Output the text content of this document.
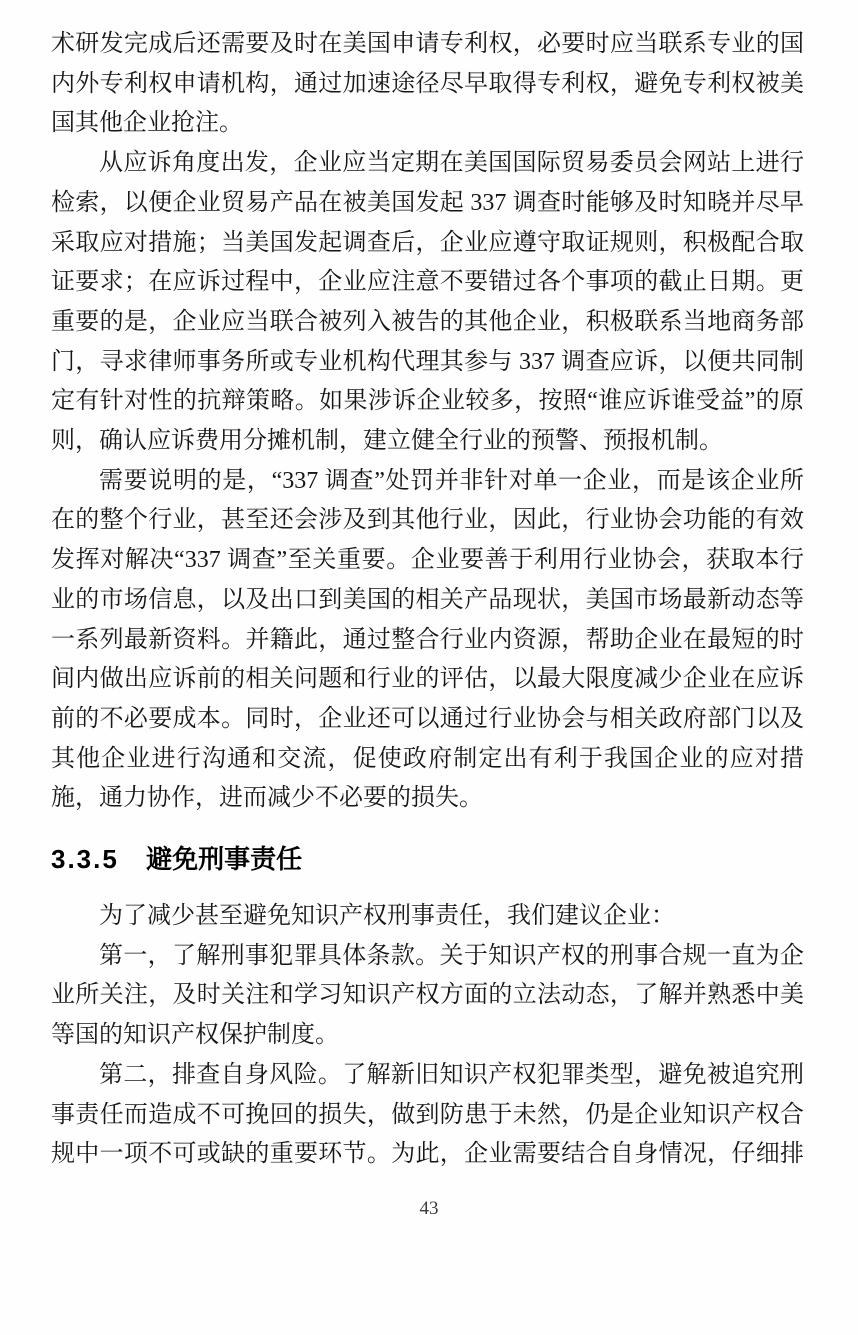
术研发完成后还需要及时在美国申请专利权，必要时应当联系专业的国内外专利权申请机构，通过加速途径尽早取得专利权，避免专利权被美国其他企业抢注。

从应诉角度出发，企业应当定期在美国国际贸易委员会网站上进行检索，以便企业贸易产品在被美国发起 337 调查时能够及时知晓并尽早采取应对措施；当美国发起调查后，企业应遵守取证规则，积极配合取证要求；在应诉过程中，企业应注意不要错过各个事项的截止日期。更重要的是，企业应当联合被列入被告的其他企业，积极联系当地商务部门，寻求律师事务所或专业机构代理其参与 337 调查应诉，以便共同制定有针对性的抗辩策略。如果涉诉企业较多，按照“谁应诉谁受益”的原则，确认应诉费用分摊机制，建立健全行业的预警、预报机制。

需要说明的是，“337 调查”处罚并非针对单一企业，而是该企业所在的整个行业，甚至还会涉及到其他行业，因此，行业协会功能的有效发挥对解决“337 调查”至关重要。企业要善于利用行业协会，获取本行业的市场信息，以及出口到美国的相关产品现状，美国市场最新动态等一系列最新资料。并籍此，通过整合行业内资源，帮助企业在最短的时间内做出应诉前的相关问题和行业的评估，以最大限度减少企业在应诉前的不必要成本。同时，企业还可以通过行业协会与相关政府部门以及其他企业进行沟通和交流，促使政府制定出有利于我国企业的应对措施，通力协作，进而减少不必要的损失。

3.3.5 避免刑事责任

为了减少甚至避免知识产权刑事责任，我们建议企业：

第一，了解刑事犯罪具体条款。关于知识产权的刑事合规一直为企业所关注，及时关注和学习知识产权方面的立法动态，了解并熟悉中美等国的知识产权保护制度。

第二，排查自身风险。了解新旧知识产权犯罪类型，避免被追究刑事责任而造成不可挽回的损失，做到防患于未然，仍是企业知识产权合规中一项不可或缺的重要环节。为此，企业需要结合自身情况，仔细排

43
